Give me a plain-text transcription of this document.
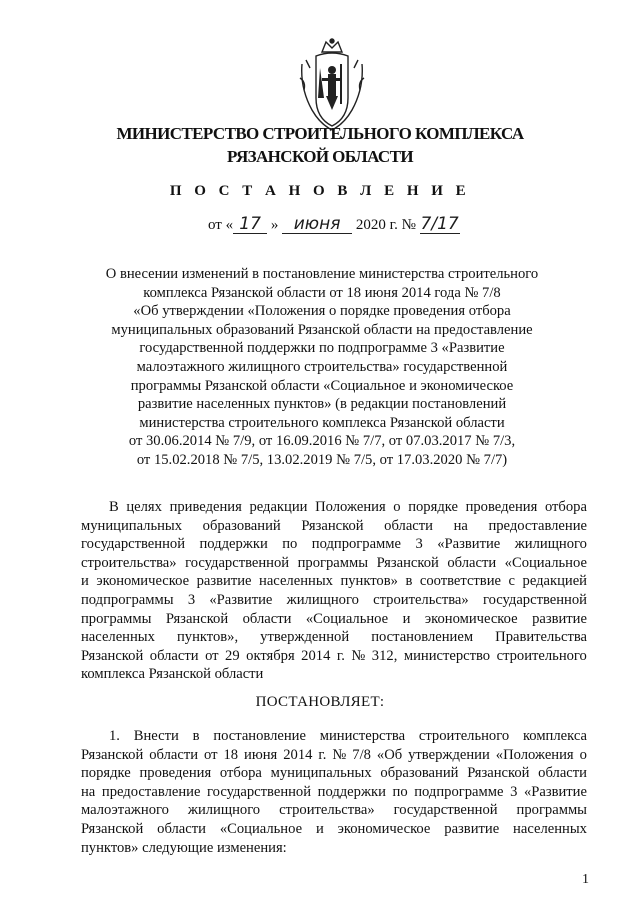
МИНИСТЕРСТВО СТРОИТЕЛЬНОГО КОМПЛЕКСА
РЯЗАНСКОЙ ОБЛАСТИ
П О С Т А Н О В Л Е Н И Е
от « 17 » июня 2020 г. № 7/17
О внесении изменений в постановление министерства строительного
комплекса Рязанской области от 18 июня 2014 года № 7/8
«Об утверждении «Положения о порядке проведения отбора
муниципальных образований Рязанской области на предоставление
государственной поддержки по подпрограмме 3 «Развитие
малоэтажного жилищного строительства» государственной
программы Рязанской области «Социальное и экономическое
развитие населенных пунктов» (в редакции постановлений
министерства строительного комплекса Рязанской области
от 30.06.2014 № 7/9, от 16.09.2016 № 7/7, от 07.03.2017 № 7/3,
от 15.02.2018 № 7/5, 13.02.2019 № 7/5, от 17.03.2020 № 7/7)
В целях приведения редакции Положения о порядке проведения отбора
муниципальных образований Рязанской области на предоставление
государственной поддержки по подпрограмме 3 «Развитие жилищного
строительства» государственной программы Рязанской области «Социальное
и экономическое развитие населенных пунктов» в соответствие с редакцией
подпрограммы 3 «Развитие жилищного строительства» государственной
программы Рязанской области «Социальное и экономическое развитие
населенных пунктов», утвержденной постановлением Правительства
Рязанской области от 29 октября 2014 г. № 312, министерство строительного
комплекса Рязанской области
ПОСТАНОВЛЯЕТ:
1. Внести в постановление министерства строительного комплекса
Рязанской области от 18 июня 2014 г. № 7/8 «Об утверждении «Положения о
порядке проведения отбора муниципальных образований Рязанской области
на предоставление государственной поддержки по подпрограмме 3 «Развитие
малоэтажного жилищного строительства» государственной программы
Рязанской области «Социальное и экономическое развитие населенных
пунктов» следующие изменения:
1
